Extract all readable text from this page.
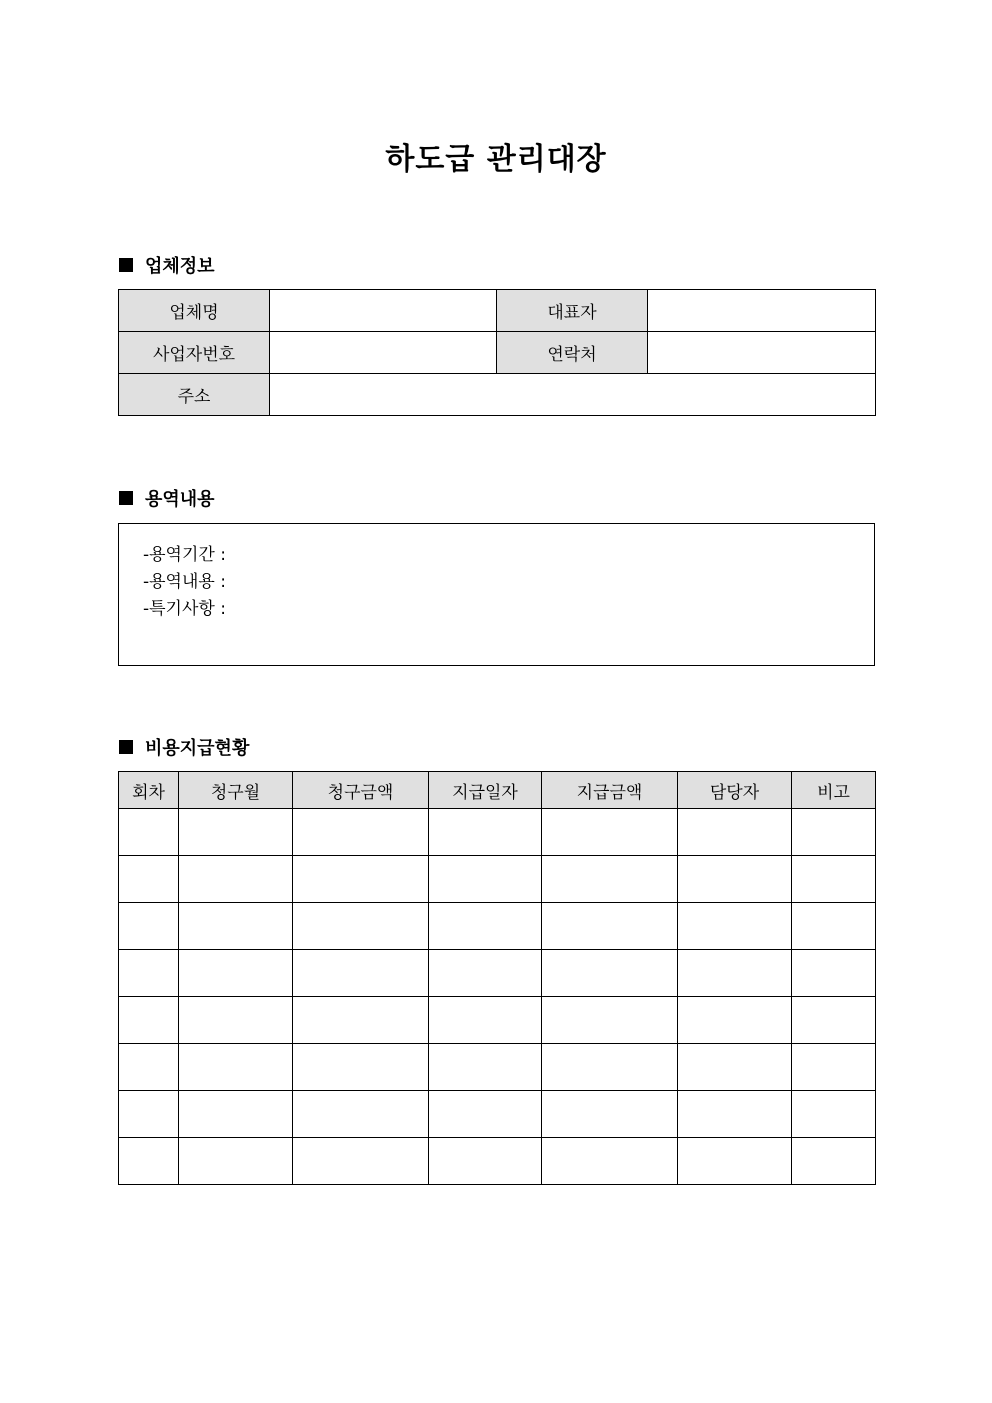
하도급 관리대장
업체정보
업체명		대표자	
사업자번호		연락처	
주소			
용역내용
-용역기간 :
-용역내용 :
-특기사항 :
비용지급현황
회차	청구월	청구금액	지급일자	지급금액	담당자	비고
